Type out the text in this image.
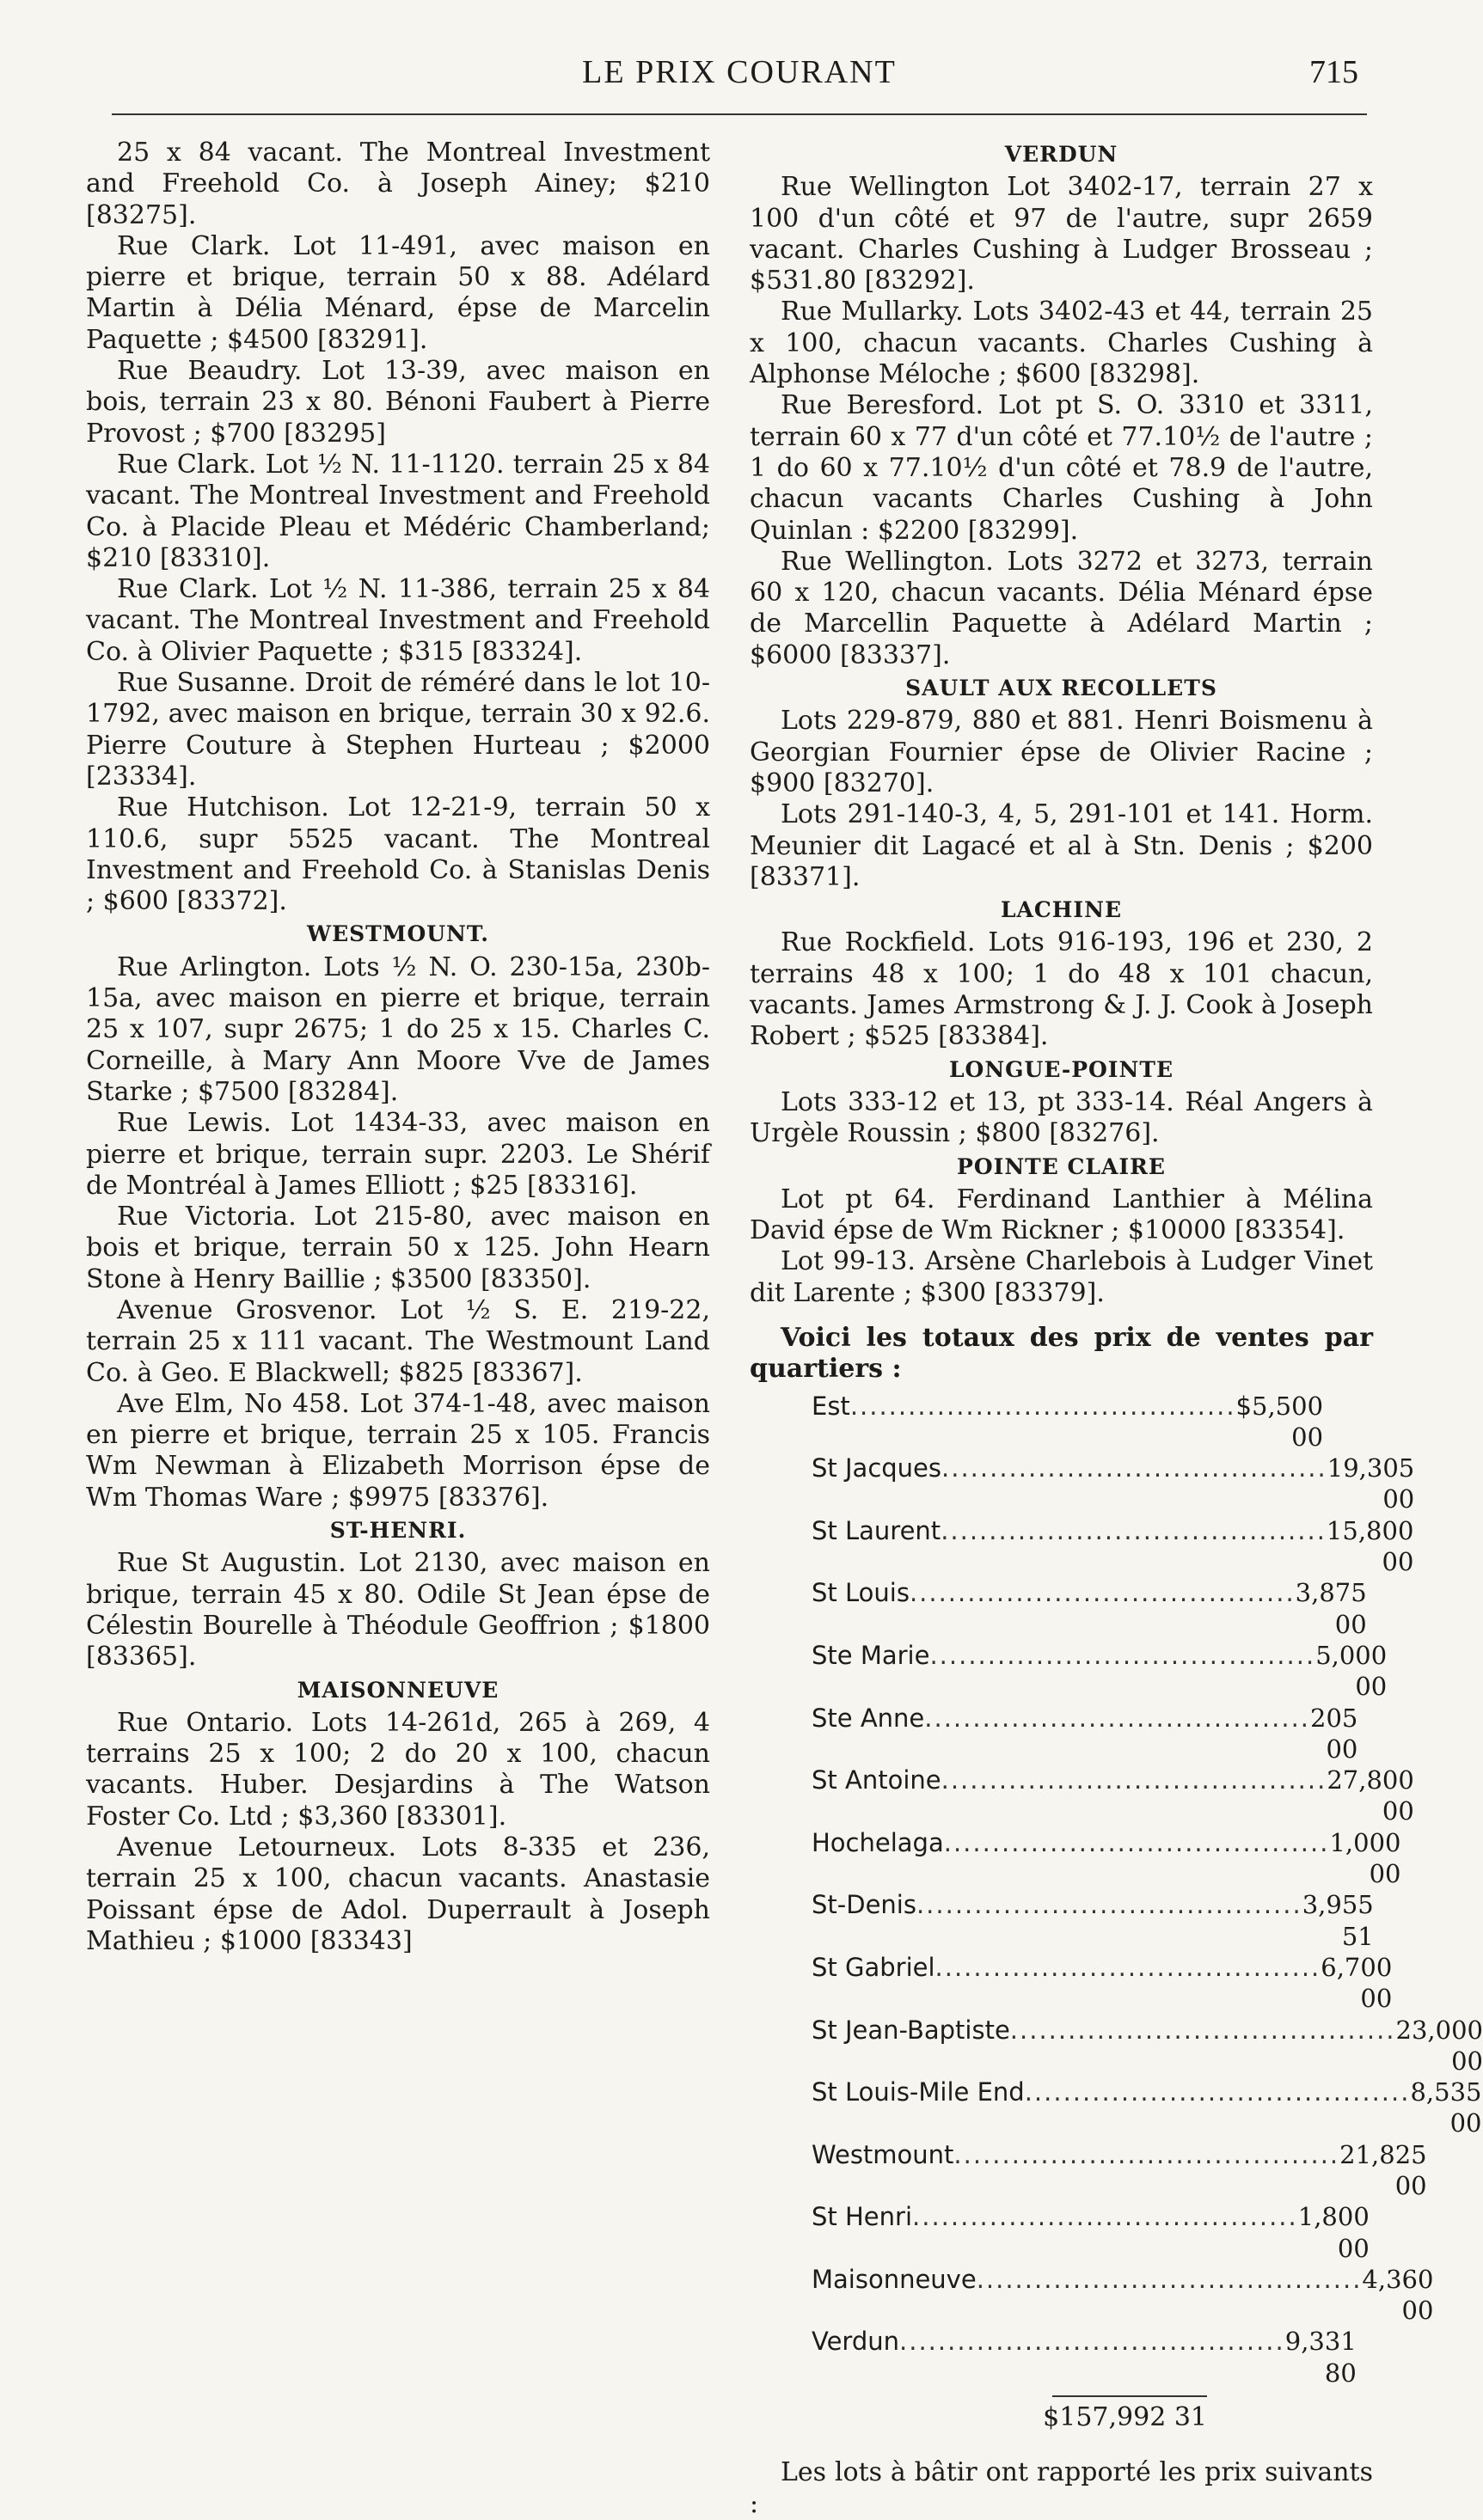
LE PRIX COURANT	715

25 x 84 vacant. The Montreal Investment and Freehold Co. à Joseph Ainey; $210 [83275].

Rue Clark. Lot 11-491, avec maison en pierre et brique, terrain 50 x 88. Adélard Martin à Délia Ménard, épse de Marcelin Paquette ; $4500 [83291].

Rue Beaudry. Lot 13-39, avec maison en bois, terrain 23 x 80. Bénoni Faubert à Pierre Provost ; $700 [83295]

Rue Clark. Lot ½ N. 11-1120. terrain 25 x 84 vacant. The Montreal Investment and Freehold Co. à Placide Pleau et Médéric Chamberland; $210 [83310].

Rue Clark. Lot ½ N. 11-386, terrain 25 x 84 vacant. The Montreal Investment and Freehold Co. à Olivier Paquette ; $315 [83324].

Rue Susanne. Droit de réméré dans le lot 10-1792, avec maison en brique, terrain 30 x 92.6. Pierre Couture à Stephen Hurteau ; $2000 [23334].

Rue Hutchison. Lot 12-21-9, terrain 50 x 110.6, supr 5525 vacant. The Montreal Investment and Freehold Co. à Stanislas Denis ; $600 [83372].

WESTMOUNT.

Rue Arlington. Lots ½ N. O. 230-15a, 230b-15a, avec maison en pierre et brique, terrain 25 x 107, supr 2675; 1 do 25 x 15. Charles C. Corneille, à Mary Ann Moore Vve de James Starke ; $7500 [83284].

Rue Lewis. Lot 1434-33, avec maison en pierre et brique, terrain supr. 2203. Le Shérif de Montréal à James Elliott ; $25 [83316].

Rue Victoria. Lot 215-80, avec maison en bois et brique, terrain 50 x 125. John Hearn Stone à Henry Baillie ; $3500 [83350].

Avenue Grosvenor. Lot ½ S. E. 219-22, terrain 25 x 111 vacant. The Westmount Land Co. à Geo. E Blackwell; $825 [83367].

Ave Elm, No 458. Lot 374-1-48, avec maison en pierre et brique, terrain 25 x 105. Francis Wm Newman à Elizabeth Morrison épse de Wm Thomas Ware ; $9975 [83376].

ST-HENRI.

Rue St Augustin. Lot 2130, avec maison en brique, terrain 45 x 80. Odile St Jean épse de Célestin Bourelle à Théodule Geoffrion ; $1800 [83365].

MAISONNEUVE

Rue Ontario. Lots 14-261d, 265 à 269, 4 terrains 25 x 100; 2 do 20 x 100, chacun vacants. Huber. Desjardins à The Watson Foster Co. Ltd ; $3,360 [83301].

Avenue Letourneux. Lots 8-335 et 236, terrain 25 x 100, chacun vacants. Anastasie Poissant épse de Adol. Duperrault à Joseph Mathieu ; $1000 [83343]

VERDUN

Rue Wellington Lot 3402-17, terrain 27 x 100 d'un côté et 97 de l'autre, supr 2659 vacant. Charles Cushing à Ludger Brosseau ; $531.80 [83292].

Rue Mullarky. Lots 3402-43 et 44, terrain 25 x 100, chacun vacants. Charles Cushing à Alphonse Méloche ; $600 [83298].

Rue Beresford. Lot pt S. O. 3310 et 3311, terrain 60 x 77 d'un côté et 77.10½ de l'autre ; 1 do 60 x 77.10½ d'un côté et 78.9 de l'autre, chacun vacants Charles Cushing à John Quinlan : $2200 [83299].

Rue Wellington. Lots 3272 et 3273, terrain 60 x 120, chacun vacants. Délia Ménard épse de Marcellin Paquette à Adélard Martin ; $6000 [83337].

SAULT AUX RECOLLETS

Lots 229-879, 880 et 881. Henri Boismenu à Georgian Fournier épse de Olivier Racine ; $900 [83270].

Lots 291-140-3, 4, 5, 291-101 et 141. Horm. Meunier dit Lagacé et al à Stn. Denis ; $200 [83371].

LACHINE

Rue Rockfield. Lots 916-193, 196 et 230, 2 terrains 48 x 100; 1 do 48 x 101 chacun, vacants. James Armstrong & J. J. Cook à Joseph Robert ; $525 [83384].

LONGUE-POINTE

Lots 333-12 et 13, pt 333-14. Réal Angers à Urgèle Roussin ; $800 [83276].

POINTE CLAIRE

Lot pt 64. Ferdinand Lanthier à Mélina David épse de Wm Rickner ; $10000 [83354].

Lot 99-13. Arsène Charlebois à Ludger Vinet dit Larente ; $300 [83379].

Voici les totaux des prix de ventes par quartiers :

Est ........................................ $ 5,500 00
St Jacques ........................................ 19,305 00
St Laurent ........................................ 15,800 00
St Louis ........................................ 3,875 00
Ste Marie ........................................ 5,000 00
Ste Anne ........................................ 205 00
St Antoine ........................................ 27,800 00
Hochelaga ........................................ 1,000 00
St-Denis ........................................ 3,955 51
St Gabriel ........................................ 6,700 00
St Jean-Baptiste ........................................ 23,000 00
St Louis-Mile End ........................................ 8,535 00
Westmount ........................................ 21,825 00
St Henri ........................................ 1,800 00
Maisonneuve ........................................ 4,360 00
Verdun ........................................ 9,331 80
$157,992 31

Les lots à bâtir ont rapporté les prix suivants :
